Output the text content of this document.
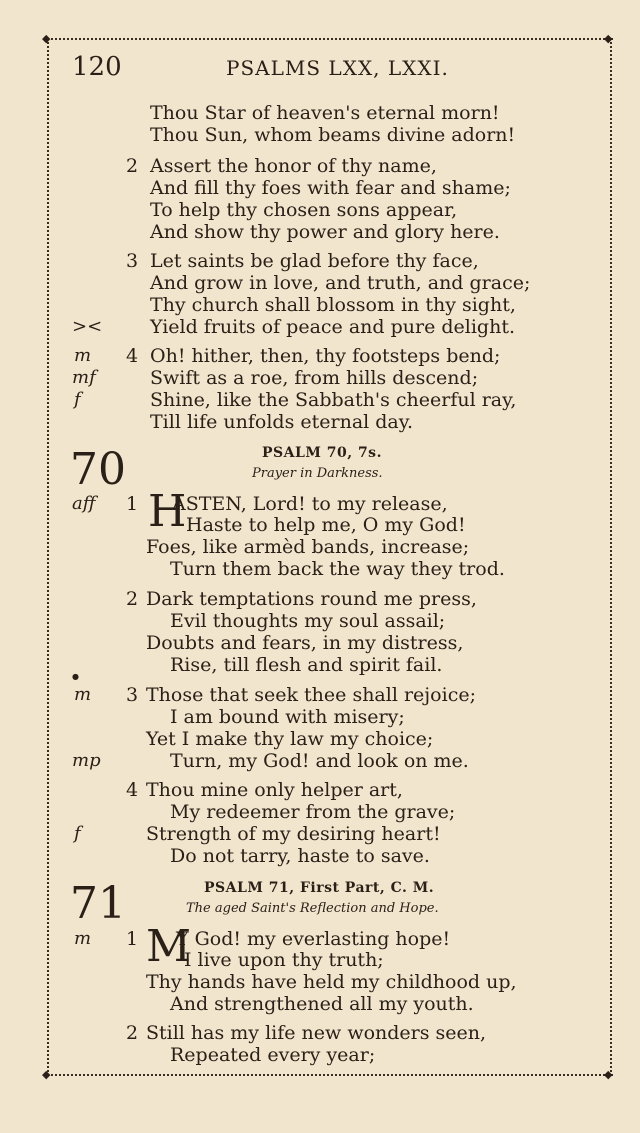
◆	◆
◆	◆
120	PSALMS LXX, LXXI.
Thou Star of heaven's eternal morn!
Thou Sun, whom beams divine adorn!
2 Assert the honor of thy name,
And fill thy foes with fear and shame;
To help thy chosen sons appear,
And show thy power and glory here.
3 Let saints be glad before thy face,
And grow in love, and truth, and grace;
Thy church shall blossom in thy sight,
><	Yield fruits of peace and pure delight.
m 4 Oh! hither, then, thy footsteps bend;
mf	Swift as a roe, from hills descend;
f	Shine, like the Sabbath's cheerful ray,
Till life unfolds eternal day.
70	PSALM 70, 7s.
Prayer in Darkness.
aff 1 H
ASTEN, Lord! to my release,
Haste to help me, O my God!
Foes, like armèd bands, increase;
Turn them back the way they trod.
2 Dark temptations round me press,
Evil thoughts my soul assail;
Doubts and fears, in my distress,
Rise, till flesh and spirit fail.
●
m 3 Those that seek thee shall rejoice;
I am bound with misery;
Yet I make thy law my choice;
mp	Turn, my God! and look on me.
4 Thou mine only helper art,
My redeemer from the grave;
f	Strength of my desiring heart!
Do not tarry, haste to save.
71	PSALM 71, First Part, C. M.
The aged Saint's Reflection and Hope.
m 1 M
Y God! my everlasting hope!
I live upon thy truth;
Thy hands have held my childhood up,
And strengthened all my youth.
2 Still has my life new wonders seen,
Repeated every year;
